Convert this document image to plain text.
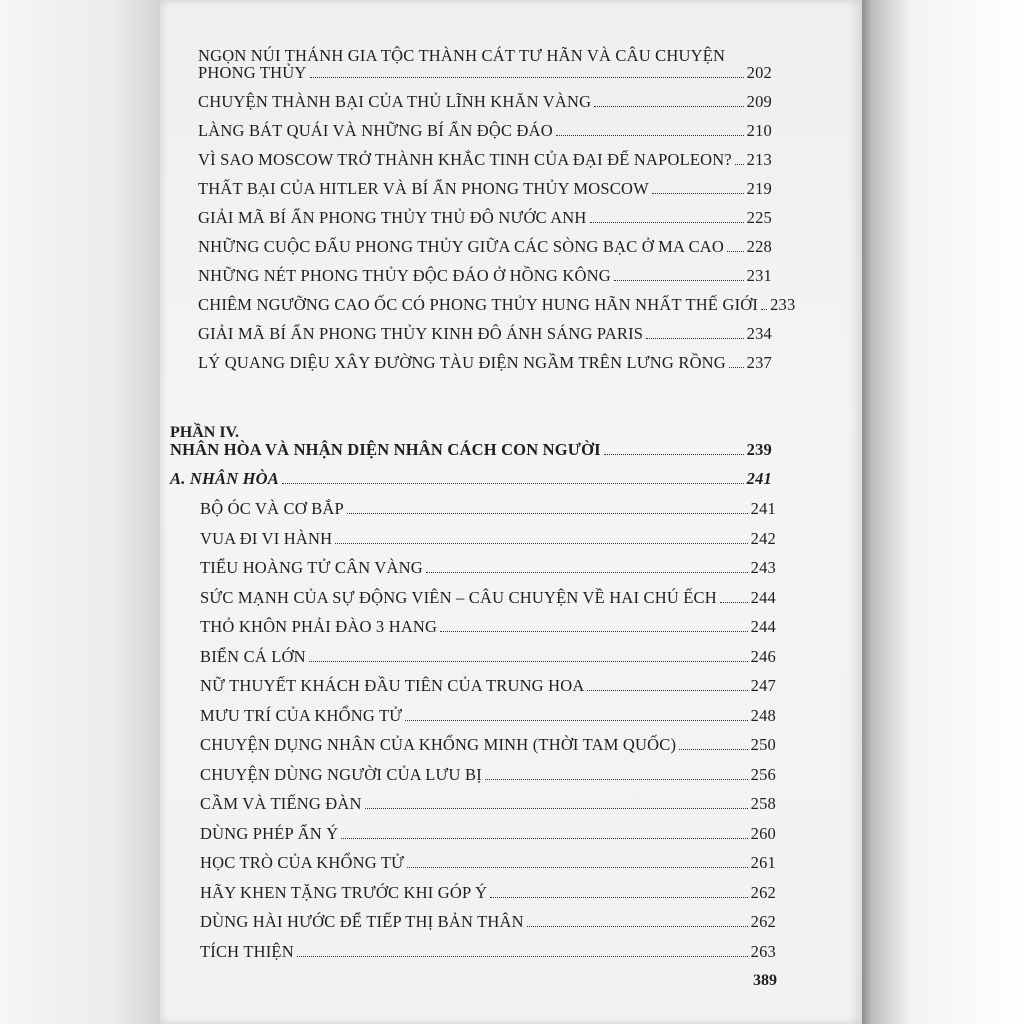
NGỌN NÚI THÁNH GIA TỘC THÀNH CÁT TƯ HÃN VÀ CÂU CHUYỆN
PHONG THỦY	202
CHUYỆN THÀNH BẠI CỦA THỦ LĨNH KHĂN VÀNG	209
LÀNG BÁT QUÁI VÀ NHỮNG BÍ ẨN ĐỘC ĐÁO	210
VÌ SAO MOSCOW TRỞ THÀNH KHẮC TINH CỦA ĐẠI ĐẾ NAPOLEON? 213
THẤT BẠI CỦA HITLER VÀ BÍ ẨN PHONG THỦY MOSCOW	219
GIẢI MÃ BÍ ẨN PHONG THỦY THỦ ĐÔ NƯỚC ANH	225
NHỮNG CUỘC ĐẤU PHONG THỦY GIỮA CÁC SÒNG BẠC Ở MA CAO 228
NHỮNG NÉT PHONG THỦY ĐỘC ĐÁO Ở HỒNG KÔNG	231
CHIÊM NGƯỠNG CAO ỐC CÓ PHONG THỦY HUNG HÃN NHẤT THẾ GIỚI 233
GIẢI MÃ BÍ ẨN PHONG THỦY KINH ĐÔ ÁNH SÁNG PARIS	234
LÝ QUANG DIỆU XÂY ĐƯỜNG TÀU ĐIỆN NGẦM TRÊN LƯNG RỒNG 237
PHẦN IV.
NHÂN HÒA VÀ NHẬN DIỆN NHÂN CÁCH CON NGƯỜI	239
A. NHÂN HÒA	241
BỘ ÓC VÀ CƠ BẮP	241
VUA ĐI VI HÀNH	242
TIỂU HOÀNG TỬ CÂN VÀNG	243
SỨC MẠNH CỦA SỰ ĐỘNG VIÊN – CÂU CHUYỆN VỀ HAI CHÚ ẾCH 244
THỎ KHÔN PHẢI ĐÀO 3 HANG	244
BIỂN CÁ LỚN	246
NỮ THUYẾT KHÁCH ĐẦU TIÊN CỦA TRUNG HOA	247
MƯU TRÍ CỦA KHỔNG TỬ	248
CHUYỆN DỤNG NHÂN CỦA KHỔNG MINH (THỜI TAM QUỐC)	250
CHUYỆN DÙNG NGƯỜI CỦA LƯU BỊ	256
CẦM VÀ TIẾNG ĐÀN	258
DÙNG PHÉP ẨN Ý	260
HỌC TRÒ CỦA KHỔNG TỬ	261
HÃY KHEN TẶNG TRƯỚC KHI GÓP Ý	262
DÙNG HÀI HƯỚC ĐỂ TIẾP THỊ BẢN THÂN	262
TÍCH THIỆN	263
389
